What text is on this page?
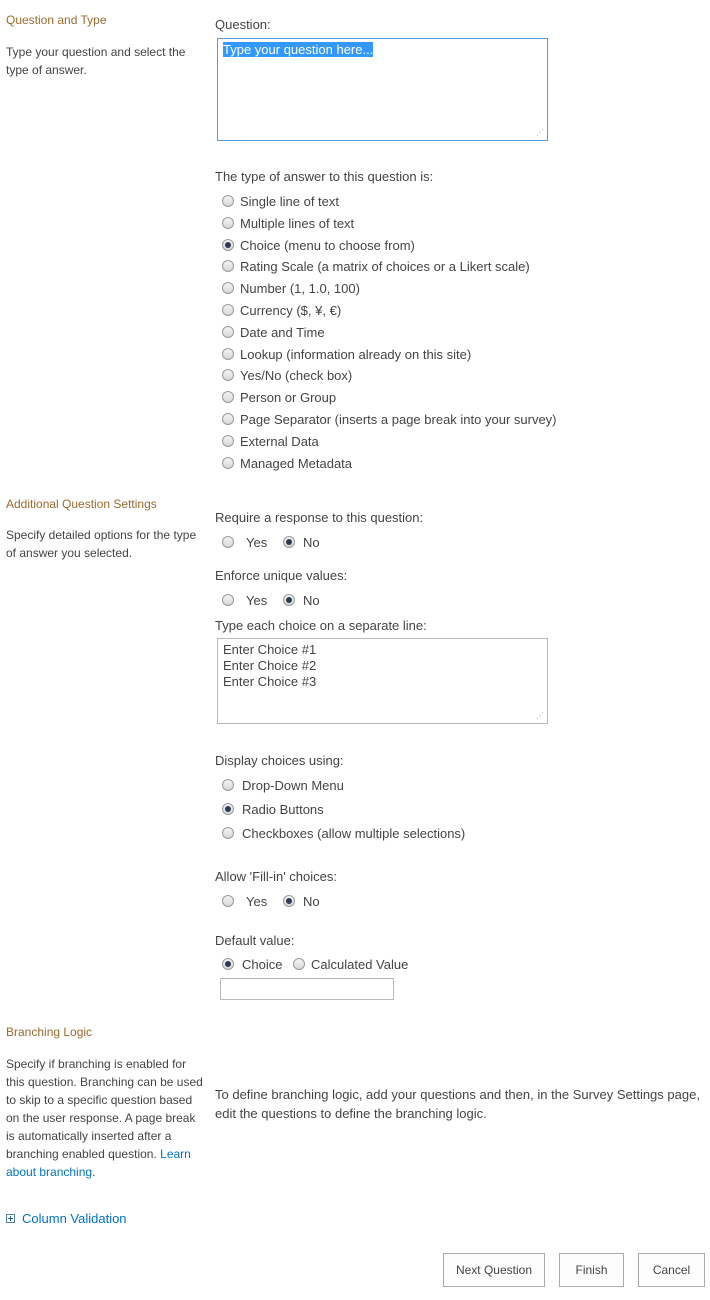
Question and Type
Type your question and select the type of answer.
Question:
Type your question here...
⋰
The type of answer to this question is:
Single line of text
Multiple lines of text
Choice (menu to choose from)
Rating Scale (a matrix of choices or a Likert scale)
Number (1, 1.0, 100)
Currency ($, ¥, €)
Date and Time
Lookup (information already on this site)
Yes/No (check box)
Person or Group
Page Separator (inserts a page break into your survey)
External Data
Managed Metadata
Additional Question Settings
Specify detailed options for the type of answer you selected.
Require a response to this question:
Yes	No
Enforce unique values:
Yes	No
Type each choice on a separate line:
Enter Choice #1
Enter Choice #2
Enter Choice #3
⋰
Display choices using:
Drop-Down Menu
Radio Buttons
Checkboxes (allow multiple selections)
Allow 'Fill-in' choices:
Yes	No
Default value:
Choice Calculated Value
Branching Logic
Specify if branching is enabled for this question. Branching can be used to skip to a specific question based on the user response. A page break is automatically inserted after a branching enabled question. Learn about branching.
To define branching logic, add your questions and then, in the Survey Settings page, edit the questions to define the branching logic.
Column Validation
Next Question	Finish	Cancel
